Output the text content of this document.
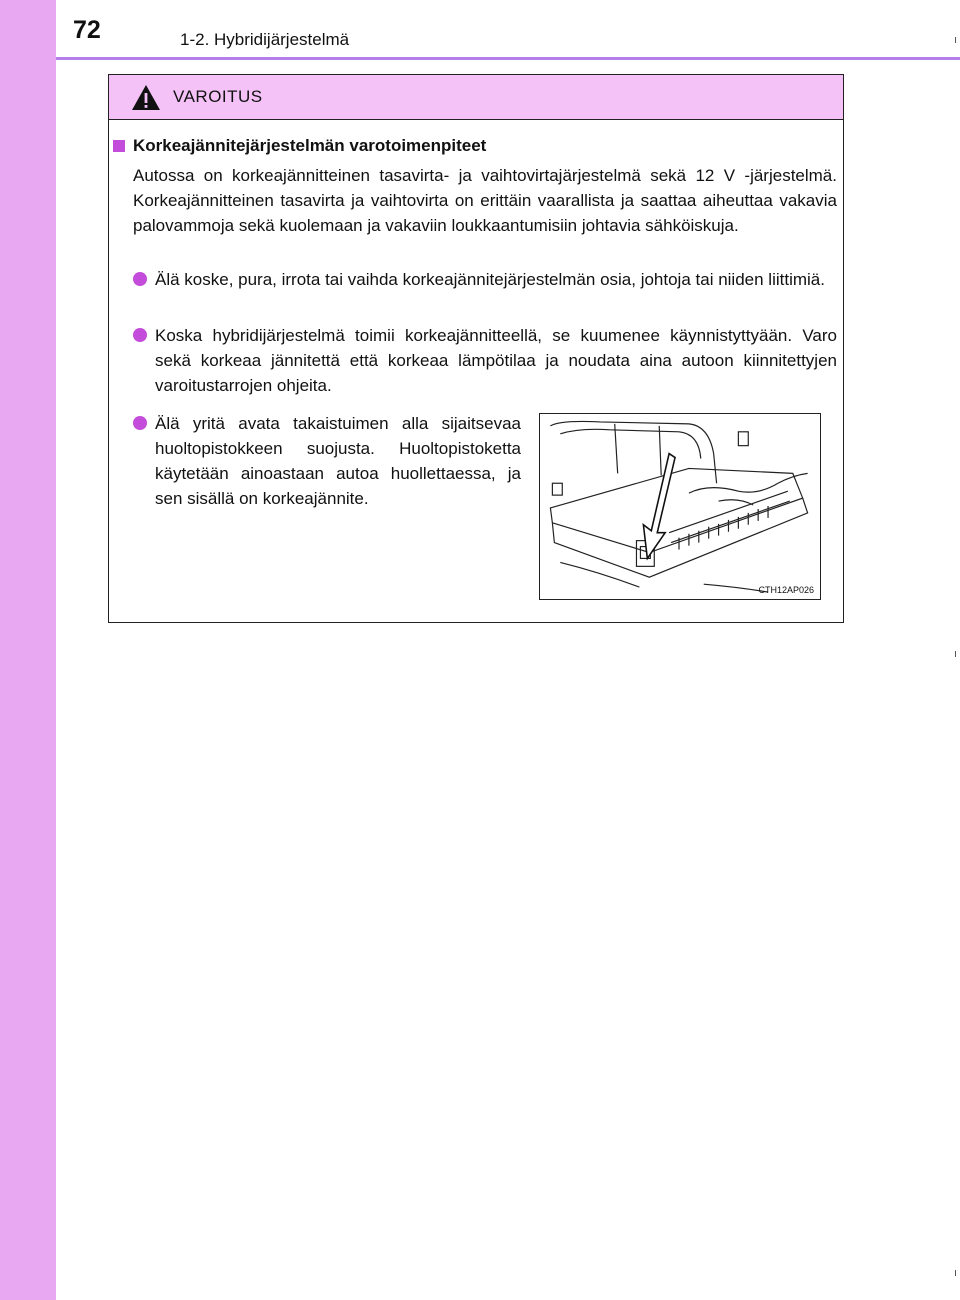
72	1-2. Hybridijärjestelmä
VAROITUS
Korkeajännitejärjestelmän varotoimenpiteet
Autossa on korkeajännitteinen tasavirta- ja vaihtovirtajärjestelmä sekä 12 V -järjestelmä. Korkeajännitteinen tasavirta ja vaihtovirta on erittäin vaarallista ja saattaa aiheuttaa vakavia palovammoja sekä kuolemaan ja vakaviin loukkaantumisiin johtavia sähköiskuja.
Älä koske, pura, irrota tai vaihda korkeajännitejärjestelmän osia, johtoja tai niiden liittimiä.
Koska hybridijärjestelmä toimii korkeajännitteellä, se kuumenee käynnistyttyään. Varo sekä korkeaa jännitettä että korkeaa lämpötilaa ja noudata aina autoon kiinnitettyjen varoitustarrojen ohjeita.
Älä yritä avata takaistuimen alla sijaitsevaa huoltopistokkeen suojusta. Huoltopistoketta käytetään ainoastaan autoa huollettaessa, ja sen sisällä on korkeajännite.
CTH12AP026
